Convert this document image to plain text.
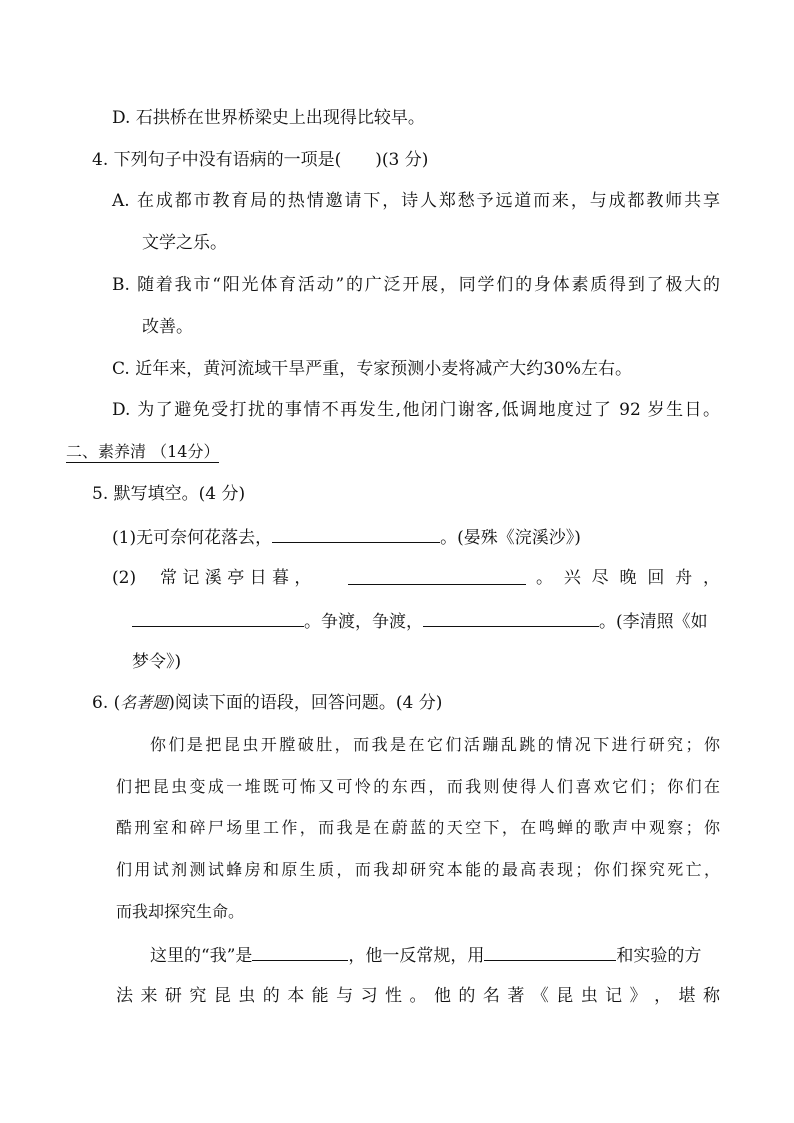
D. 石拱桥在世界桥梁史上出现得比较早。
4. 下列句子中没有语病的一项是( )(3 分)
A. 在成都市教育局的热情邀请下，诗人郑愁予远道而来，与成都教师共享
文学之乐。
B. 随着我市“阳光体育活动”的广泛开展，同学们的身体素质得到了极大的
改善。
C. 近年来，黄河流域干旱严重，专家预测小麦将减产大约30%左右。
D. 为了避免受打扰的事情不再发生,他闭门谢客,低调地度过了 92 岁生日。
二、素养清 （14分）
5. 默写填空。(4 分)
(1)无可奈何花落去，	。(晏殊《浣溪沙》)
(2) 常 记 溪 亭 日 暮 ，	。 兴 尽 晚 回 舟 ，
。争渡，争渡，	。(李清照《如
梦令》)
6. (名著题)阅读下面的语段，回答问题。(4 分)
你们是把昆虫开膛破肚，而我是在它们活蹦乱跳的情况下进行研究；你
们把昆虫变成一堆既可怖又可怜的东西，而我则使得人们喜欢它们；你们在
酷刑室和碎尸场里工作，而我是在蔚蓝的天空下，在鸣蝉的歌声中观察；你
们用试剂测试蜂房和原生质，而我却研究本能的最高表现；你们探究死亡，
而我却探究生命。
这里的“我”是	，他一反常规，用	和实验的方
法 来 研 究 昆 虫 的 本 能 与 习 性 。 他 的 名 著 《 昆 虫 记 》 ， 堪 称
